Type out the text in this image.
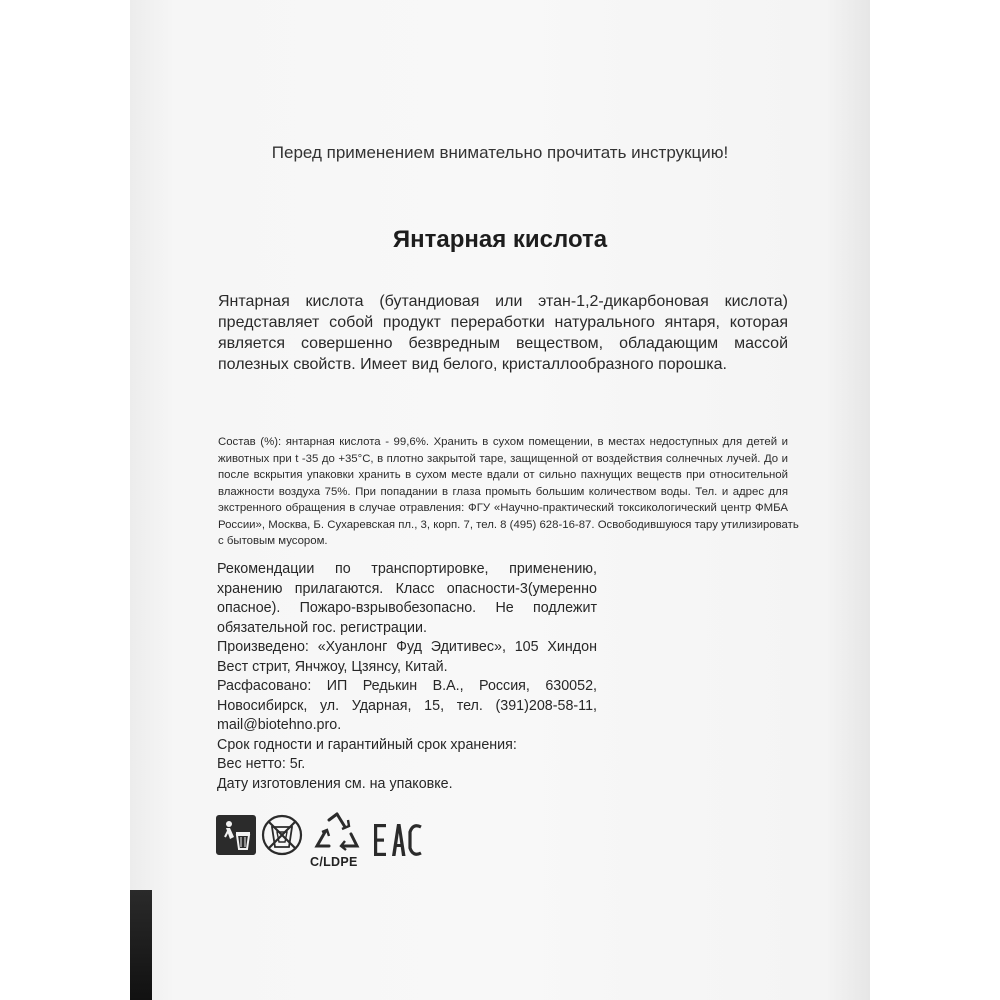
Перед применением внимательно прочитать инструкцию!
Янтарная кислота

Янтарная кислота (бутандиовая или этан-1,2-дикарбоновая кислота)
представляет собой продукт переработки натурального янтаря, которая
является совершенно безвредным веществом, обладающим массой
полезных свойств. Имеет вид белого, кристаллообразного порошка.

Состав (%): янтарная кислота - 99,6%. Хранить в сухом помещении, в местах недоступных для детей и
животных при t -35 до +35°C, в плотно закрытой таре, защищенной от воздействия солнечных лучей. До и
после вскрытия упаковки хранить в сухом месте вдали от сильно пахнущих веществ при относительной
влажности воздуха 75%. При попадании в глаза промыть большим количеством воды. Тел. и адрес для
экстренного обращения в случае отравления: ФГУ «Научно-практический токсикологический центр ФМБА
России», Москва, Б. Сухаревская пл., 3, корп. 7, тел. 8 (495) 628-16-87. Освободившуюся тару утилизировать
с бытовым мусором.

Рекомендации по транспортировке, применению,
хранению прилагаются. Класс опасности-3(умеренно
опасное). Пожаро-взрывобезопасно. Не подлежит
обязательной гос. регистрации.
Произведено: «Хуанлонг Фуд Эдитивес», 105 Хиндон
Вест стрит, Янчжоу, Цзянсу, Китай.
Расфасовано: ИП Редькин В.А., Россия, 630052,
Новосибирск, ул. Ударная, 15, тел. (391)208-58-11,
mail@biotehno.pro.
Срок годности и гарантийный срок хранения:
Вес нетто: 5г.
Дату изготовления см. на упаковке.

C/LDPE
